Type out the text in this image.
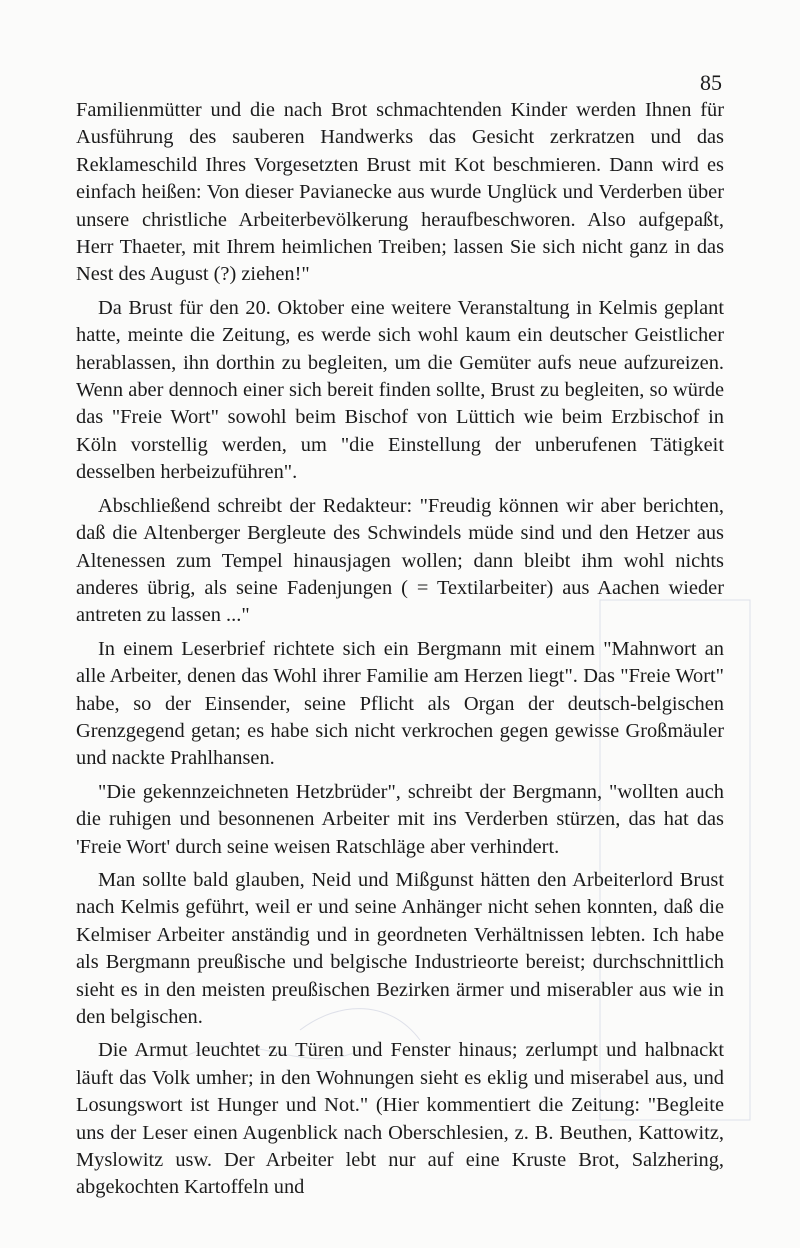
85

Familienmütter und die nach Brot schmachtenden Kinder werden Ihnen für Ausführung des sauberen Handwerks das Gesicht zerkratzen und das Reklameschild Ihres Vorgesetzten Brust mit Kot beschmieren. Dann wird es einfach heißen: Von dieser Pavianecke aus wurde Unglück und Verderben über unsere christliche Arbeiterbevölkerung heraufbeschworen. Also aufgepaßt, Herr Thaeter, mit Ihrem heimlichen Treiben; lassen Sie sich nicht ganz in das Nest des August (?) ziehen!"

Da Brust für den 20. Oktober eine weitere Veranstaltung in Kelmis geplant hatte, meinte die Zeitung, es werde sich wohl kaum ein deutscher Geistlicher herablassen, ihn dorthin zu begleiten, um die Gemüter aufs neue aufzureizen. Wenn aber dennoch einer sich bereit finden sollte, Brust zu begleiten, so würde das "Freie Wort" sowohl beim Bischof von Lüttich wie beim Erzbischof in Köln vorstellig werden, um "die Einstellung der unberufenen Tätigkeit desselben herbeizuführen".

Abschließend schreibt der Redakteur: "Freudig können wir aber berichten, daß die Altenberger Bergleute des Schwindels müde sind und den Hetzer aus Altenessen zum Tempel hinausjagen wollen; dann bleibt ihm wohl nichts anderes übrig, als seine Fadenjungen ( = Textilarbeiter) aus Aachen wieder antreten zu lassen ..."

In einem Leserbrief richtete sich ein Bergmann mit einem "Mahnwort an alle Arbeiter, denen das Wohl ihrer Familie am Herzen liegt". Das "Freie Wort" habe, so der Einsender, seine Pflicht als Organ der deutsch-belgischen Grenzgegend getan; es habe sich nicht verkrochen gegen gewisse Großmäuler und nackte Prahlhansen.

"Die gekennzeichneten Hetzbrüder", schreibt der Bergmann, "wollten auch die ruhigen und besonnenen Arbeiter mit ins Verderben stürzen, das hat das 'Freie Wort' durch seine weisen Ratschläge aber verhindert.

Man sollte bald glauben, Neid und Mißgunst hätten den Arbeiterlord Brust nach Kelmis geführt, weil er und seine Anhänger nicht sehen konnten, daß die Kelmiser Arbeiter anständig und in geordneten Verhältnissen lebten. Ich habe als Bergmann preußische und belgische Industrieorte bereist; durchschnittlich sieht es in den meisten preußischen Bezirken ärmer und miserabler aus wie in den belgischen.

Die Armut leuchtet zu Türen und Fenster hinaus; zerlumpt und halbnackt läuft das Volk umher; in den Wohnungen sieht es eklig und miserabel aus, und Losungswort ist Hunger und Not." (Hier kommentiert die Zeitung: "Begleite uns der Leser einen Augenblick nach Oberschlesien, z. B. Beuthen, Kattowitz, Myslowitz usw. Der Arbeiter lebt nur auf eine Kruste Brot, Salzhering, abgekochten Kartoffeln und
